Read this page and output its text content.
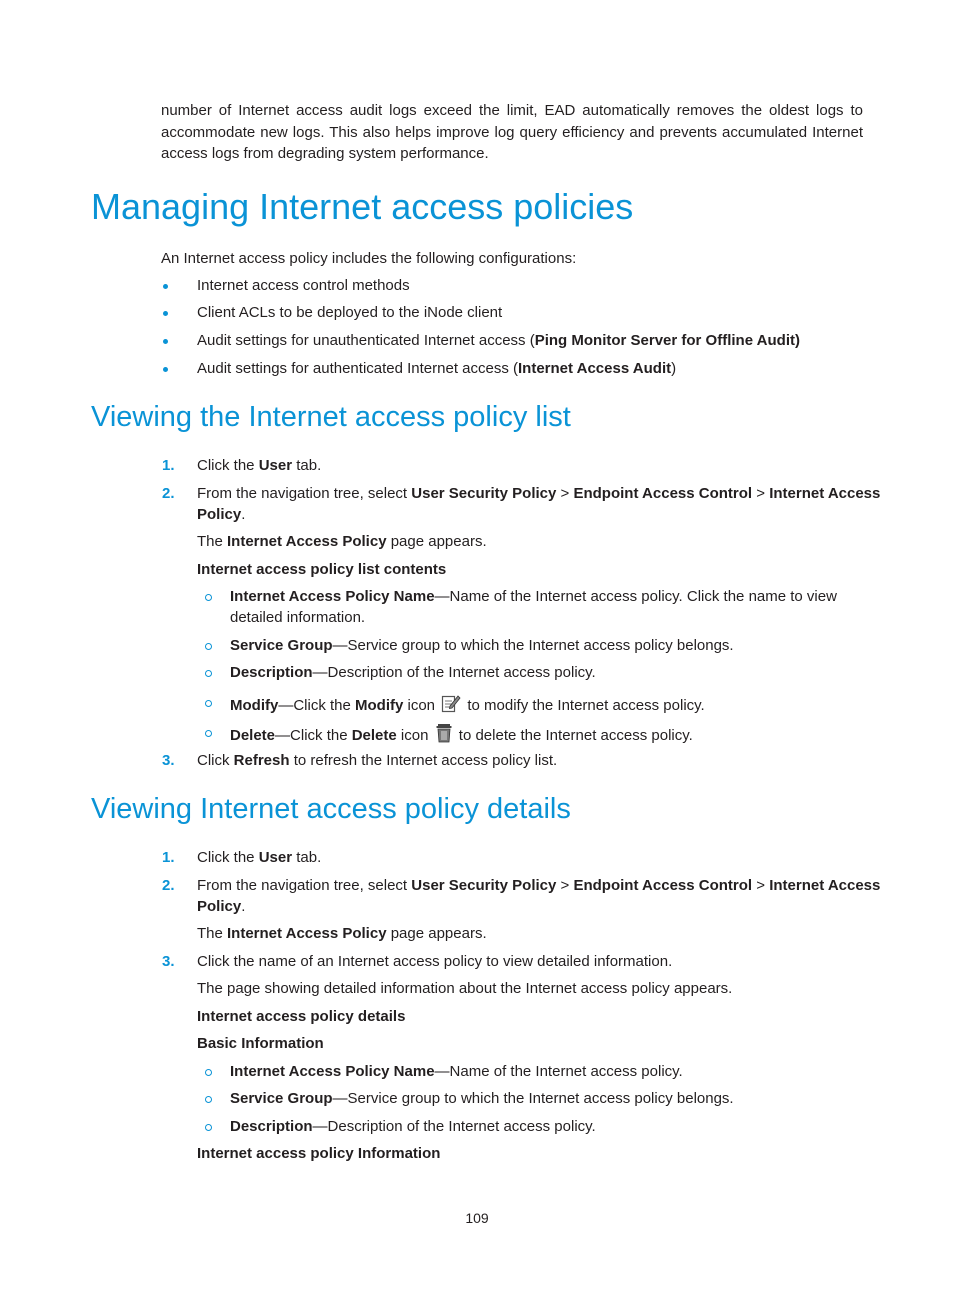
number of Internet access audit logs exceed the limit, EAD automatically removes the oldest logs to accommodate new logs. This also helps improve log query efficiency and prevents accumulated Internet access logs from degrading system performance.
Managing Internet access policies
An Internet access policy includes the following configurations:
Internet access control methods
Client ACLs to be deployed to the iNode client
Audit settings for unauthenticated Internet access (Ping Monitor Server for Offline Audit)
Audit settings for authenticated Internet access (Internet Access Audit)
Viewing the Internet access policy list
1. Click the User tab.
2. From the navigation tree, select User Security Policy > Endpoint Access Control > Internet Access
Policy.
The Internet Access Policy page appears.
Internet access policy list contents
Internet Access Policy Name—Name of the Internet access policy. Click the name to view
detailed information.
Service Group—Service group to which the Internet access policy belongs.
Description—Description of the Internet access policy.
Modify—Click the Modify icon  to modify the Internet access policy.
Delete—Click the Delete icon  to delete the Internet access policy.
3. Click Refresh to refresh the Internet access policy list.
Viewing Internet access policy details
1. Click the User tab.
2. From the navigation tree, select User Security Policy > Endpoint Access Control > Internet Access
Policy.
The Internet Access Policy page appears.
3. Click the name of an Internet access policy to view detailed information.
The page showing detailed information about the Internet access policy appears.
Internet access policy details
Basic Information
Internet Access Policy Name—Name of the Internet access policy.
Service Group—Service group to which the Internet access policy belongs.
Description—Description of the Internet access policy.
Internet access policy Information
109
